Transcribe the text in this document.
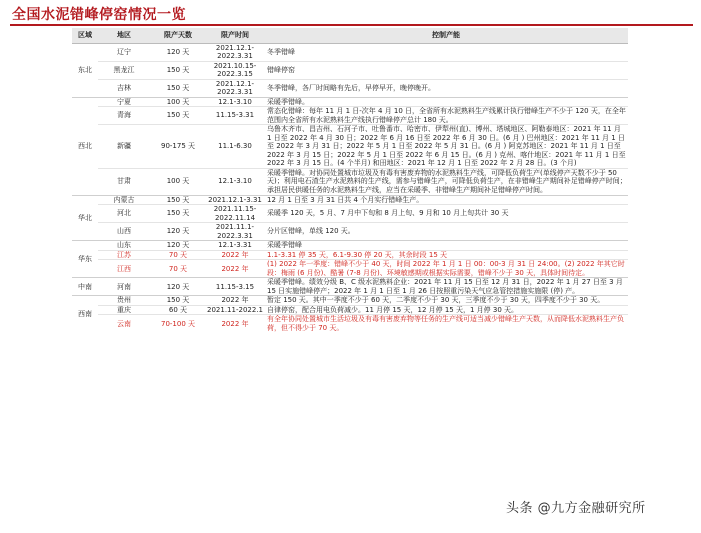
全国水泥错峰停窑情况一览
区域	地区	限产天数	限产时间	控制产能
东北	辽宁	120 天	2021.12.1-2022.3.31	冬季错峰
	黑龙江	150 天	2021.10.15-2022.3.15	错峰停窑
	吉林	150 天	2021.12.1-2022.3.31	冬季错峰，各厂时间略有先后，早停早开，晚停晚开。
西北	宁夏	100 天	12.1-3.10	采暖季错峰。
	青海	150 天	11.15-3.31	常态化错峰：每年 11 月 1 日-次年 4 月 10 日，全省所有水泥熟料生产线累计执行错峰生产不少于 120 天，在全年范围内全省所有水泥熟料生产线执行错峰停产总计 180 天。
	新疆	90-175 天	11.1-6.30	乌鲁木齐市、昌吉州、石河子市、吐鲁番市、哈密市、伊犁州(直)、博州、塔城地区、阿勒泰地区：2021 年 11 月 1 日至 2022 年 4 月 30 日；2022 年 6 月 16 日至 2022 年 6 月 30 日。(6 月 ) 巴州地区：2021 年 11 月 1 日至 2022 年 3 月 31 日；2022 年 5 月 1 日至 2022 年 5 月 31 日。(6 月 ) 阿克苏地区：2021 年 11 月 1 日至 2022 年 3 月 15 日；2022 年 5 月 1 日至 2022 年 6 月 15 日。(6 月 ) 克州、喀什地区：2021 年 11 月 1 日至 2022 年 3 月 15 日。(4 个半月) 和田地区：2021 年 12 月 1 日至 2022 年 2 月 28 日。(3 个月)
	甘肃	100 天	12.1-3.10	采暖季错峰。对协同处置城市垃圾及有毒有害废弃物的水泥熟料生产线，可降低负荷生产(单线停产天数不少于 50 天)；利用电石渣生产水泥熟料的生产线，需参与错峰生产，可降低负荷生产，在非错峰生产期间补足错峰停产时间；承担居民供暖任务的水泥熟料生产线，应当在采暖季、非错峰生产期间补足错峰停产时间。
华北	内蒙古	150 天	2021.12.1-3.31	12 月 1 日至 3 月 31 日共 4 个月实行错峰生产。
	河北	150 天	2021.11.15-2022.11.14	采暖季 120 天，5 月、7 月中下旬和 8 月上旬、9 月和 10 月上旬共计 30 天
	山西	120 天	2021.11.1-2022.3.31	分片区错峰，单线 120 天。
华东	山东	120 天	12.1-3.31	采暖季错峰
	江苏	70 天	2022 年	1.1-3.31 停 35 天，6.1-9.30 停 20 天，其余时段 15 天
	江西	70 天	2022 年	(1) 2022 年一季度：错峰不少于 40 天，时间 2022 年 1 月 1 日 00：00-3 月 31 日 24:00。(2) 2022 年其它时段：梅雨 (6 月份)、酷暑 (7-8 月份)、环境敏感期或根据实际需要，错峰不少于 30 天，具体时间待定。
中南	河南	120 天	11.15-3.15	采暖季错峰。绩效分级 B、C 级水泥熟料企业：2021 年 11 月 15 日至 12 月 31 日，2022 年 1 月 27 日至 3 月 15 日实施错峰停产；2022 年 1 月 1 日至 1 月 26 日按照重污染天气应急管控措施实施限 (停) 产。
西南	贵州	150 天	2022 年	暂定 150 天。其中一季度不少于 60 天，二季度不少于 30 天，三季度不少于 30 天，四季度不少于 30 天。
	重庆	60 天	2021.11-2022.1	自律停窑，配合用电负荷减少。11 月停 15 天，12 月停 15 天，1 月停 30 天。
	云南	70-100 天	2022 年	有全年协同处置城市生活垃圾及有毒有害废弃物等任务的生产线可适当减少错峰生产天数，从而降低水泥熟料生产负荷，但不得少于 70 天。
头条 @九方金融研究所
